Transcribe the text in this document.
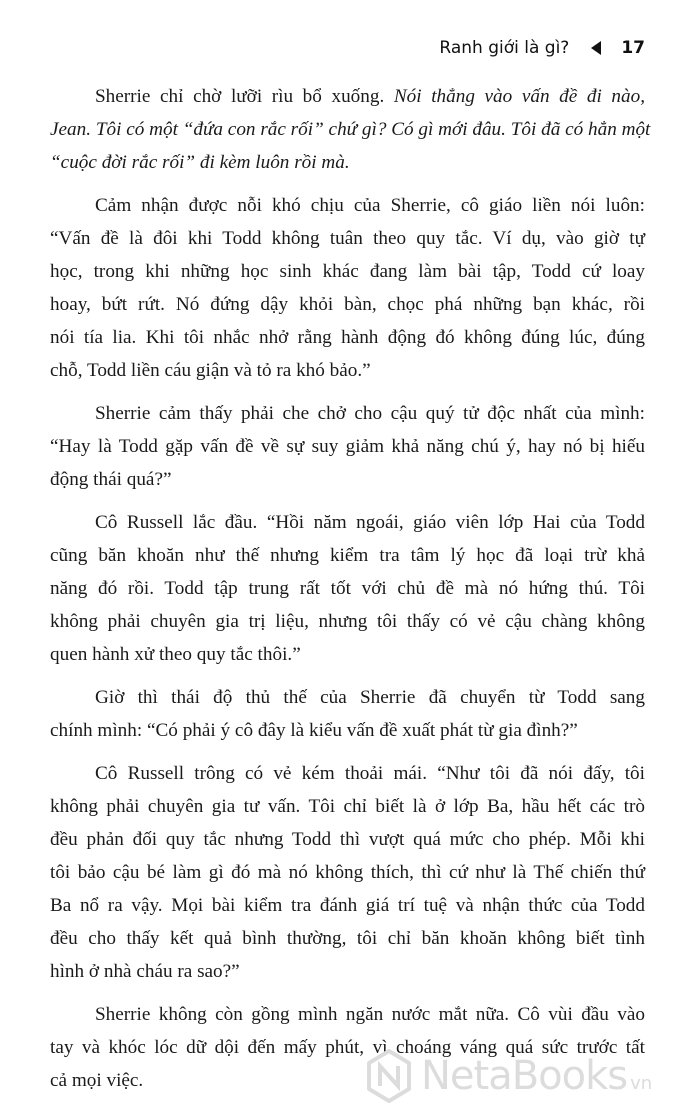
Ranh giới là gì?	17
Sherrie chỉ chờ lưỡi rìu bổ xuống. Nói thẳng vào vấn đề đi nào,
Jean. Tôi có một “đứa con rắc rối” chứ gì? Có gì mới đâu. Tôi đã có hẳn một
“cuộc đời rắc rối” đi kèm luôn rồi mà.
Cảm nhận được nỗi khó chịu của Sherrie, cô giáo liền nói luôn:
“Vấn đề là đôi khi Todd không tuân theo quy tắc. Ví dụ, vào giờ tự
học, trong khi những học sinh khác đang làm bài tập, Todd cứ loay
hoay, bứt rứt. Nó đứng dậy khỏi bàn, chọc phá những bạn khác, rồi
nói tía lia. Khi tôi nhắc nhở rằng hành động đó không đúng lúc, đúng
chỗ, Todd liền cáu giận và tỏ ra khó bảo.”
Sherrie cảm thấy phải che chở cho cậu quý tử độc nhất của mình:
“Hay là Todd gặp vấn đề về sự suy giảm khả năng chú ý, hay nó bị hiếu
động thái quá?”
Cô Russell lắc đầu. “Hồi năm ngoái, giáo viên lớp Hai của Todd
cũng băn khoăn như thế nhưng kiểm tra tâm lý học đã loại trừ khả
năng đó rồi. Todd tập trung rất tốt với chủ đề mà nó hứng thú. Tôi
không phải chuyên gia trị liệu, nhưng tôi thấy có vẻ cậu chàng không
quen hành xử theo quy tắc thôi.”
Giờ thì thái độ thủ thế của Sherrie đã chuyển từ Todd sang
chính mình: “Có phải ý cô đây là kiểu vấn đề xuất phát từ gia đình?”
Cô Russell trông có vẻ kém thoải mái. “Như tôi đã nói đấy, tôi
không phải chuyên gia tư vấn. Tôi chỉ biết là ở lớp Ba, hầu hết các trò
đều phản đối quy tắc nhưng Todd thì vượt quá mức cho phép. Mỗi khi
tôi bảo cậu bé làm gì đó mà nó không thích, thì cứ như là Thế chiến thứ
Ba nổ ra vậy. Mọi bài kiểm tra đánh giá trí tuệ và nhận thức của Todd
đều cho thấy kết quả bình thường, tôi chỉ băn khoăn không biết tình
hình ở nhà cháu ra sao?”
Sherrie không còn gồng mình ngăn nước mắt nữa. Cô vùi đầu vào
tay và khóc lóc dữ dội đến mấy phút, vì choáng váng quá sức trước tất
cả mọi việc.	NetaBooks vn
